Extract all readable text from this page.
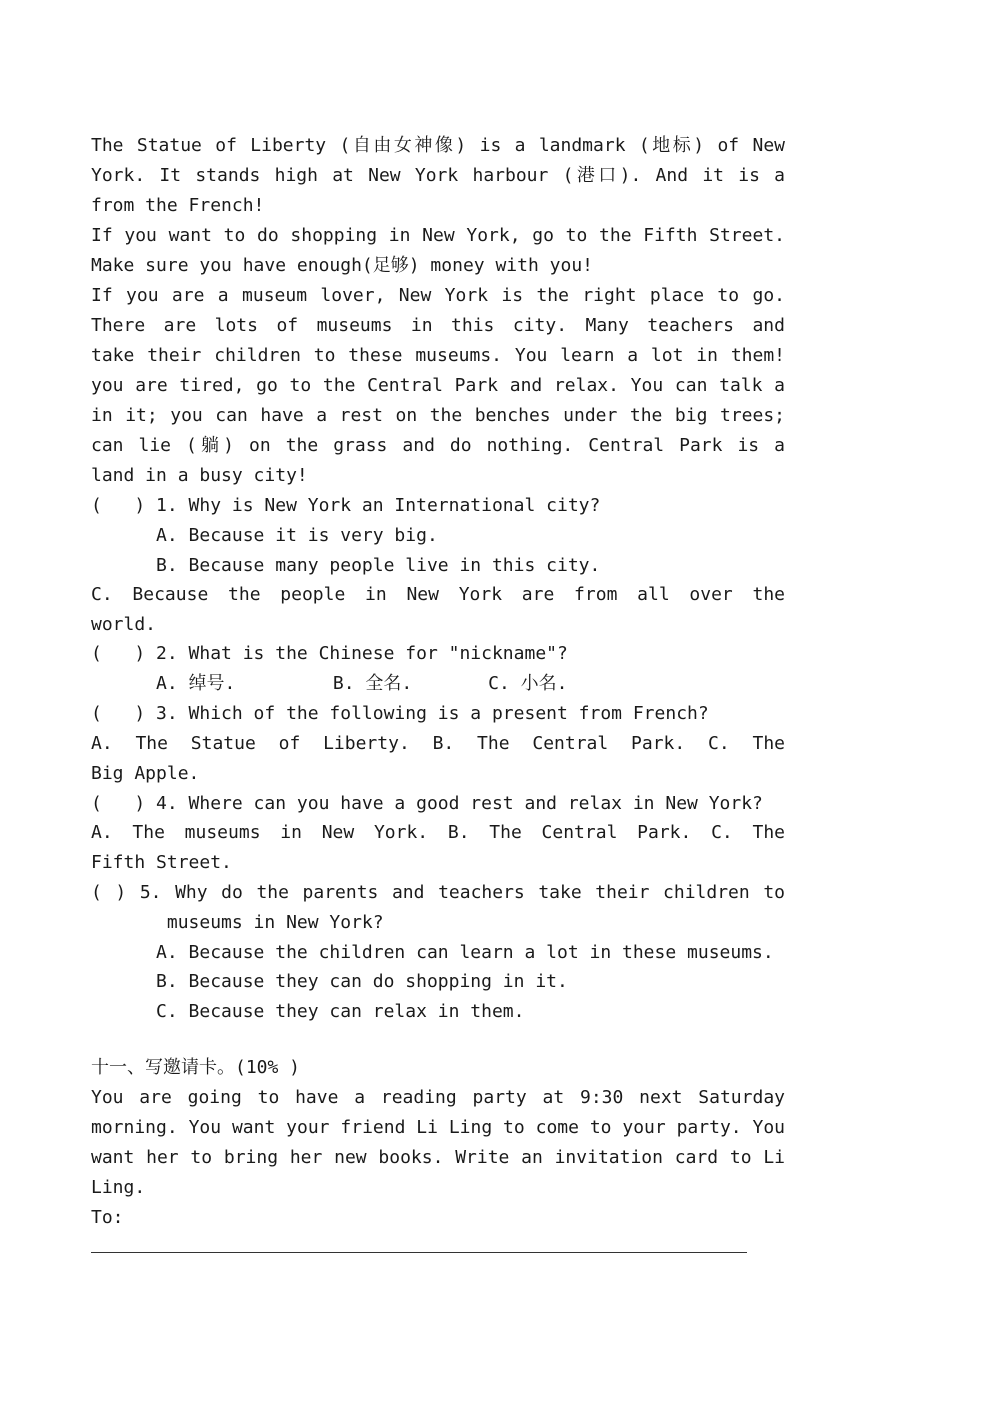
The Statue of Liberty (自由女神像) is a landmark (地标) of New
York. It stands high at New York harbour (港口). And it is a
from the French!
If you want to do shopping in New York, go to the Fifth Street.
Make sure you have enough(足够) money with you!
If you are a museum lover, New York is the right place to go.
There are lots of museums in this city. Many teachers and
take their children to these museums. You learn a lot in them!
you are tired, go to the Central Park and relax. You can talk a
in it; you can have a rest on the benches under the big trees;
can lie (躺) on the grass and do nothing. Central Park is a
land in a busy city!
(   ) 1. Why is New York an International city?
A. Because it is very big.
B. Because many people live in this city.
C. Because the people in New York are from all over the
world.
(   ) 2. What is the Chinese for "nickname"?
A. 绰号.         B. 全名.       C. 小名.
(   ) 3. Which of the following is a present from French?
A. The Statue of Liberty. B. The Central Park. C. The
Big Apple.
(   ) 4. Where can you have a good rest and relax in New York?
A. The museums in New York. B. The Central Park. C. The
Fifth Street.
( ) 5. Why do the parents and teachers take their children to
museums in New York?
A. Because the children can learn a lot in these museums.
B. Because they can do shopping in it.
C. Because they can relax in them.
十一、写邀请卡。(10% )
You are going to have a reading party at 9:30 next Saturday
morning. You want your friend Li Ling to come to your party. You
want her to bring her new books. Write an invitation card to Li
Ling.
To:
